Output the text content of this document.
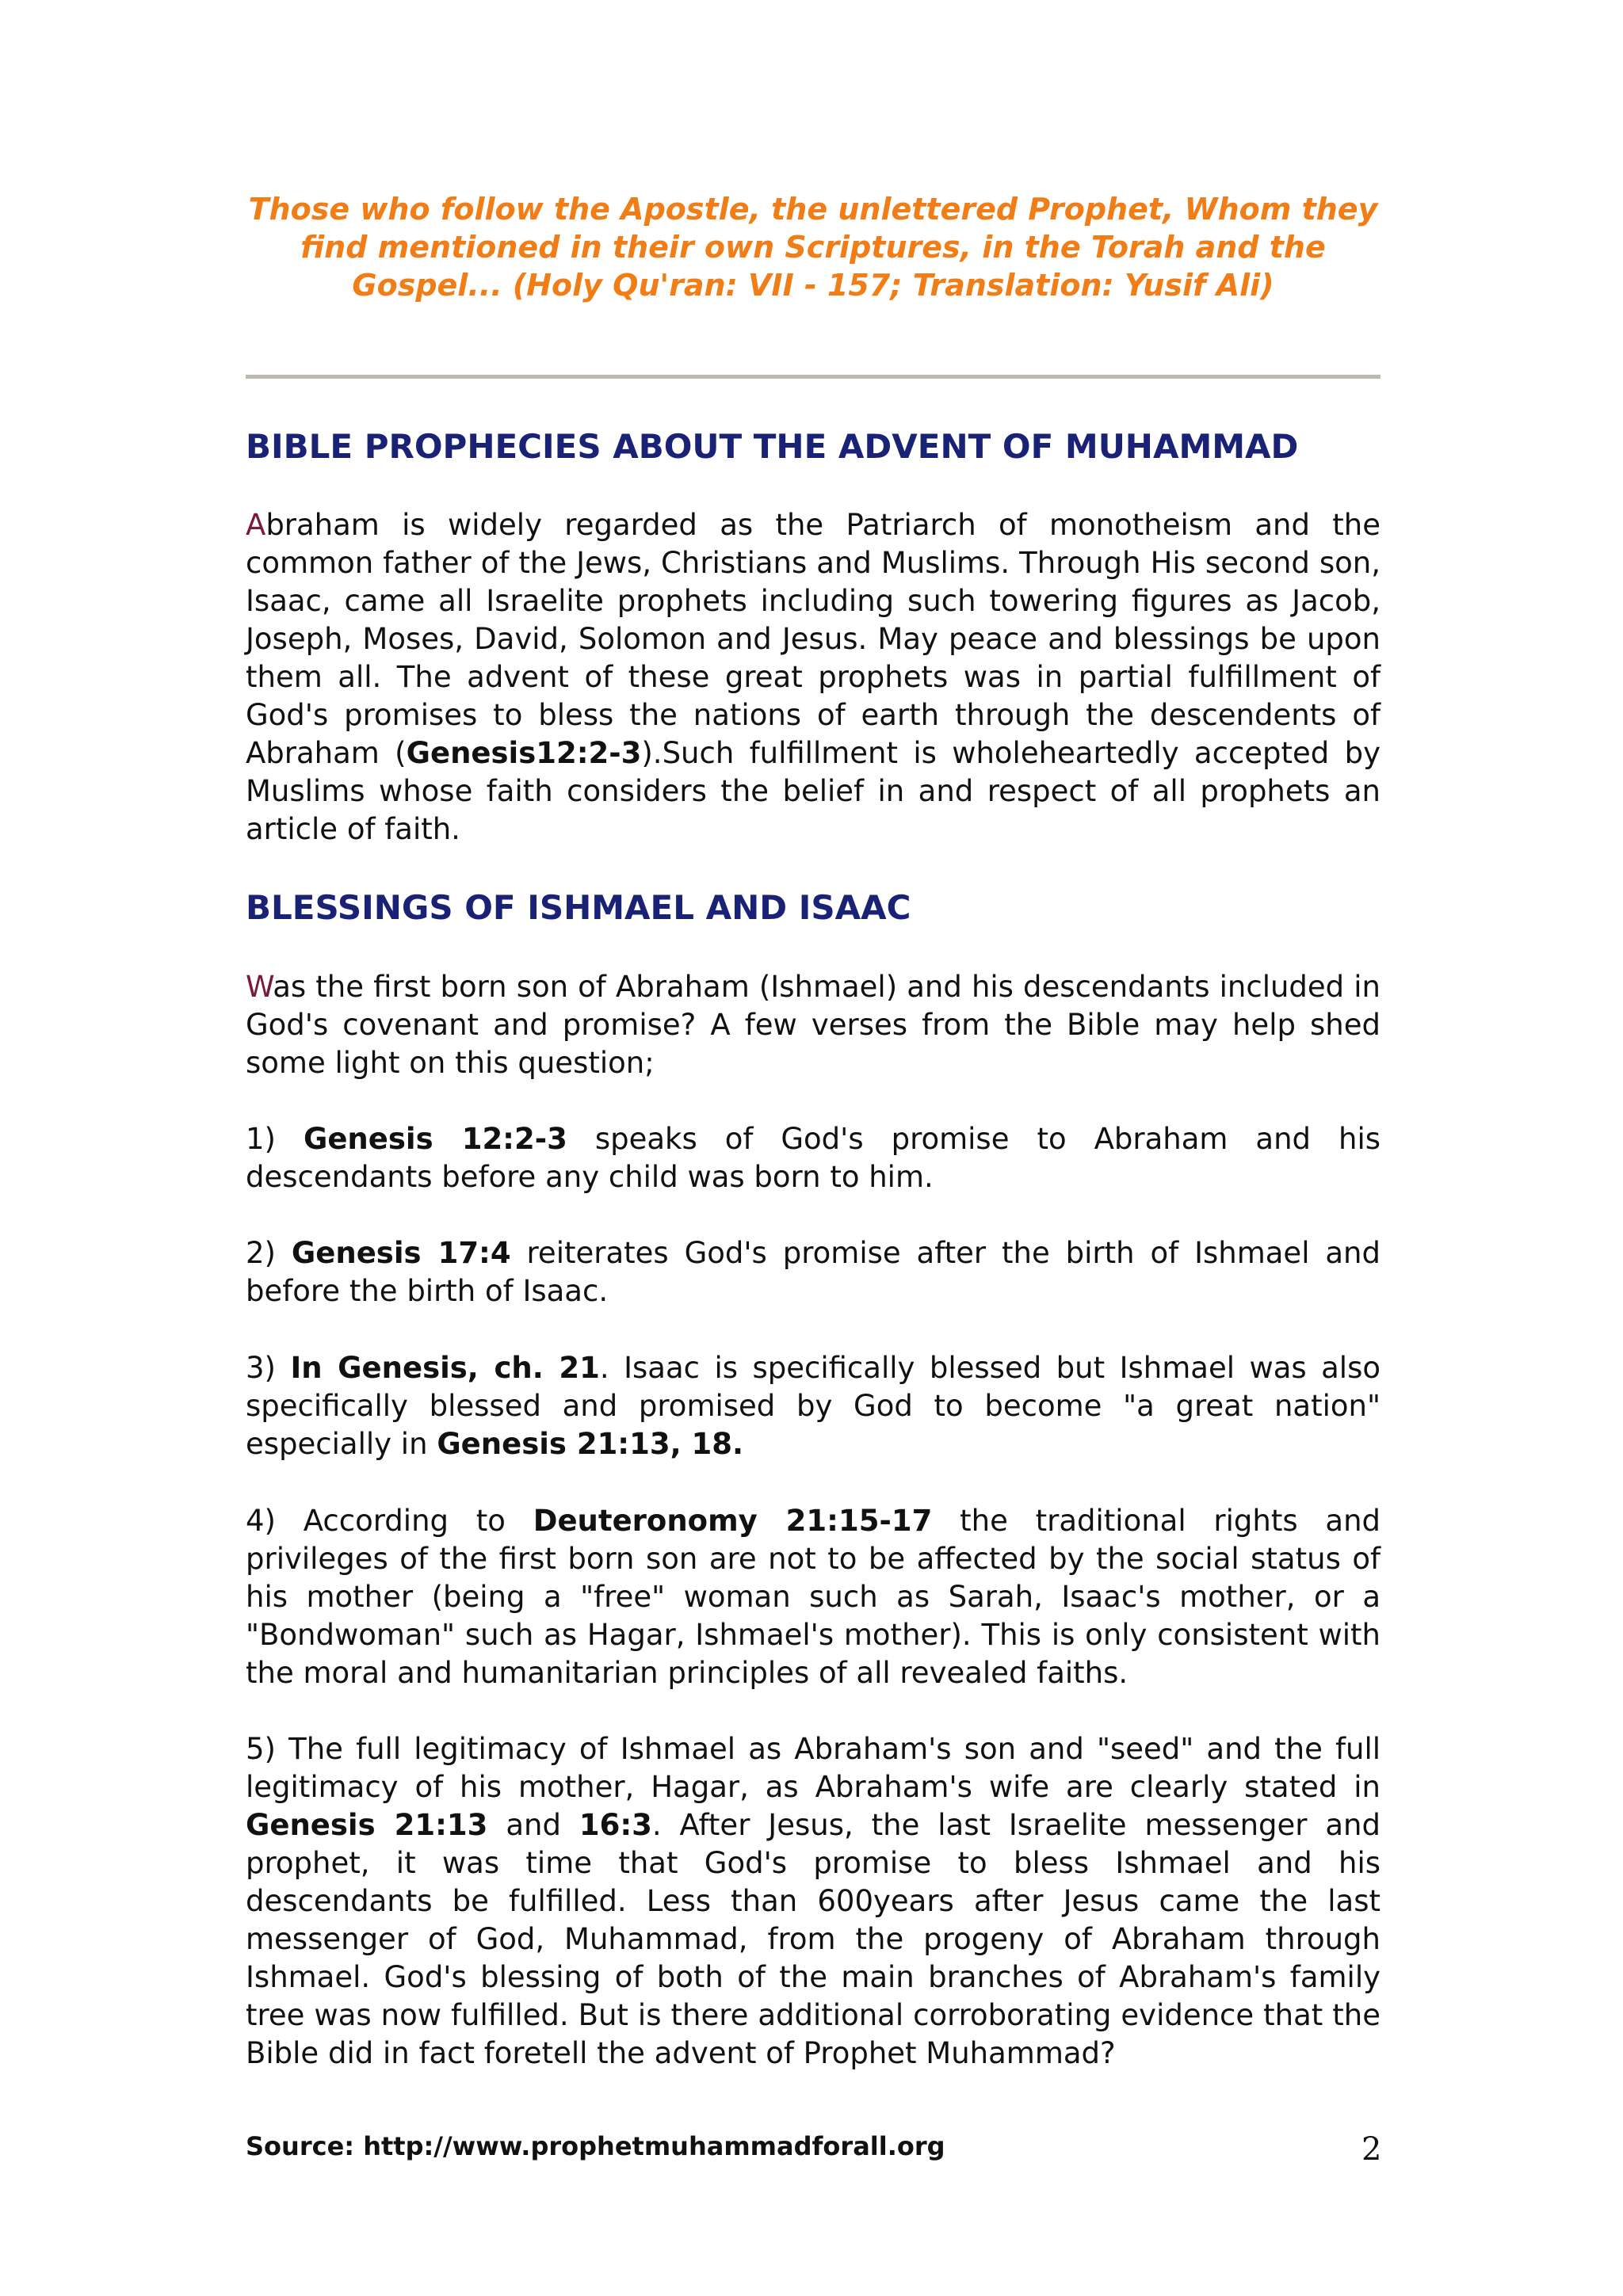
Those who follow the Apostle, the unlettered Prophet, Whom they find mentioned in their own Scriptures, in the Torah and the Gospel... (Holy Qu'ran: VII - 157; Translation: Yusif Ali)
BIBLE PROPHECIES ABOUT THE ADVENT OF MUHAMMAD

Abraham is widely regarded as the Patriarch of monotheism and the common father of the Jews, Christians and Muslims. Through His second son, Isaac, came all Israelite prophets including such towering figures as Jacob, Joseph, Moses, David, Solomon and Jesus. May peace and blessings be upon them all. The advent of these great prophets was in partial fulfillment of God's promises to bless the nations of earth through the descendents of Abraham (Genesis12:2-3).Such fulfillment is wholeheartedly accepted by Muslims whose faith considers the belief in and respect of all prophets an article of faith.

BLESSINGS OF ISHMAEL AND ISAAC

Was the first born son of Abraham (Ishmael) and his descendants included in God's covenant and promise? A few verses from the Bible may help shed some light on this question;

1) Genesis 12:2-3 speaks of God's promise to Abraham and his descendants before any child was born to him.

2) Genesis 17:4 reiterates God's promise after the birth of Ishmael and before the birth of Isaac.

3) In Genesis, ch. 21. Isaac is specifically blessed but Ishmael was also specifically blessed and promised by God to become "a great nation" especially in Genesis 21:13, 18.

4) According to Deuteronomy 21:15-17 the traditional rights and privileges of the first born son are not to be affected by the social status of his mother (being a "free" woman such as Sarah, Isaac's mother, or a "Bondwoman" such as Hagar, Ishmael's mother). This is only consistent with the moral and humanitarian principles of all revealed faiths.

5) The full legitimacy of Ishmael as Abraham's son and "seed" and the full legitimacy of his mother, Hagar, as Abraham's wife are clearly stated in Genesis 21:13 and 16:3. After Jesus, the last Israelite messenger and prophet, it was time that God's promise to bless Ishmael and his descendants be fulfilled. Less than 600years after Jesus came the last messenger of God, Muhammad, from the progeny of Abraham through Ishmael. God's blessing of both of the main branches of Abraham's family tree was now fulfilled. But is there additional corroborating evidence that the Bible did in fact foretell the advent of Prophet Muhammad?

Source: http://www.prophetmuhammadforall.org	2
